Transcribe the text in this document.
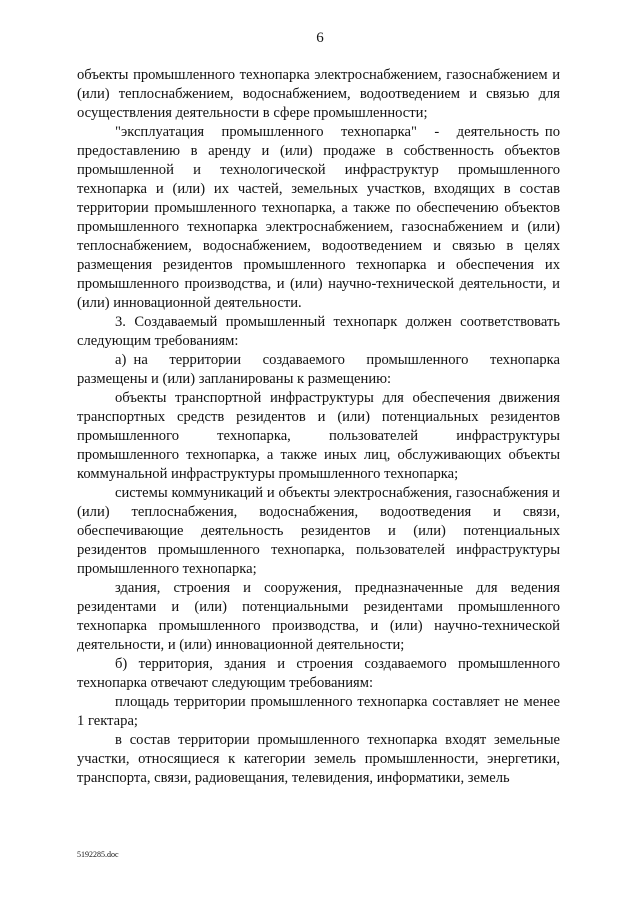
6

объекты промышленного технопарка электроснабжением, газоснабжением и (или) теплоснабжением, водоснабжением, водоотведением и связью для осуществления деятельности в сфере промышленности;

"эксплуатация   промышленного   технопарка"   -   деятельность по предоставлению в аренду и (или) продаже в собственность объектов промышленной и технологической инфраструктур промышленного технопарка и (или) их частей, земельных участков, входящих в состав территории промышленного технопарка, а также по обеспечению объектов промышленного технопарка электроснабжением, газоснабжением и (или) теплоснабжением, водоснабжением, водоотведением и связью в целях размещения резидентов промышленного технопарка и обеспечения их промышленного производства, и (или) научно-технической деятельности, и (или) инновационной деятельности.

3. Создаваемый промышленный технопарк должен соответствовать следующим требованиям:

а) на   территории   создаваемого   промышленного   технопарка размещены и (или) запланированы к размещению:

объекты транспортной инфраструктуры для обеспечения движения транспортных средств резидентов и (или) потенциальных резидентов промышленного технопарка, пользователей инфраструктуры промышленного технопарка, а также иных лиц, обслуживающих объекты коммунальной инфраструктуры промышленного технопарка;

системы коммуникаций и объекты электроснабжения, газоснабжения и (или) теплоснабжения, водоснабжения, водоотведения и связи, обеспечивающие деятельность резидентов и (или) потенциальных резидентов промышленного технопарка, пользователей инфраструктуры промышленного технопарка;

здания, строения и сооружения, предназначенные для ведения резидентами и (или) потенциальными резидентами промышленного технопарка промышленного производства, и (или) научно-технической деятельности, и (или) инновационной деятельности;

б) территория, здания и строения создаваемого промышленного технопарка отвечают следующим требованиям:

площадь территории промышленного технопарка составляет не менее 1 гектара;

в состав территории промышленного технопарка входят земельные участки, относящиеся к категории земель промышленности, энергетики, транспорта, связи, радиовещания, телевидения, информатики, земель

5192285.doc
